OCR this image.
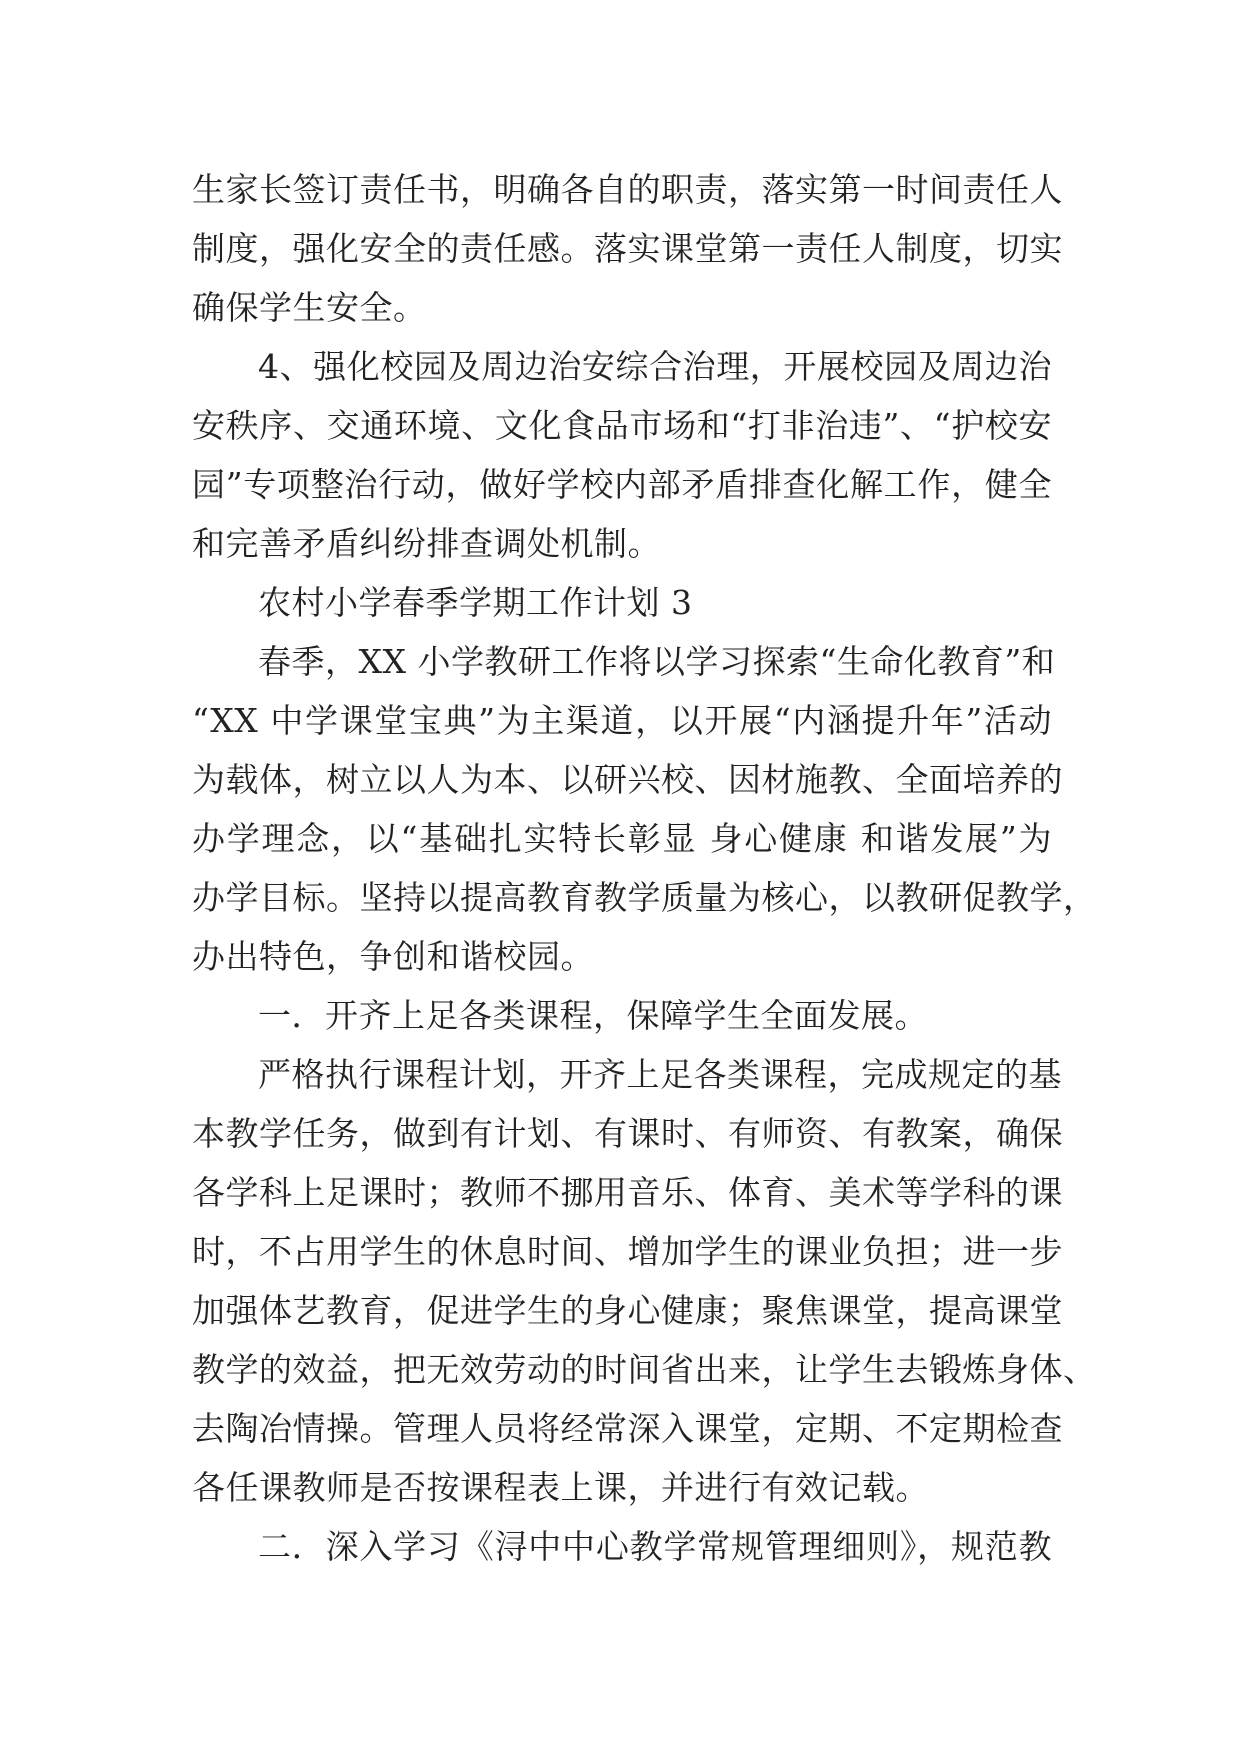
生家长签订责任书，明确各自的职责，落实第一时间责任人
制度，强化安全的责任感。落实课堂第一责任人制度，切实
确保学生安全。
4、强化校园及周边治安综合治理，开展校园及周边治
安秩序、交通环境、文化食品市场和“打非治违”、“护校安
园”专项整治行动，做好学校内部矛盾排查化解工作，健全
和完善矛盾纠纷排查调处机制。
农村小学春季学期工作计划 3
春季，XX 小学教研工作将以学习探索“生命化教育”和
“XX 中学课堂宝典”为主渠道，以开展“内涵提升年”活动
为载体，树立以人为本、以研兴校、因材施教、全面培养的
办学理念，以“基础扎实特长彰显 身心健康 和谐发展”为
办学目标。坚持以提高教育教学质量为核心，以教研促教学，
办出特色，争创和谐校园。
一．开齐上足各类课程，保障学生全面发展。
严格执行课程计划，开齐上足各类课程，完成规定的基
本教学任务，做到有计划、有课时、有师资、有教案，确保
各学科上足课时；教师不挪用音乐、体育、美术等学科的课
时，不占用学生的休息时间、增加学生的课业负担；进一步
加强体艺教育，促进学生的身心健康；聚焦课堂，提高课堂
教学的效益，把无效劳动的时间省出来，让学生去锻炼身体、
去陶冶情操。管理人员将经常深入课堂，定期、不定期检查
各任课教师是否按课程表上课，并进行有效记载。
二．深入学习《浔中中心教学常规管理细则》，规范教
